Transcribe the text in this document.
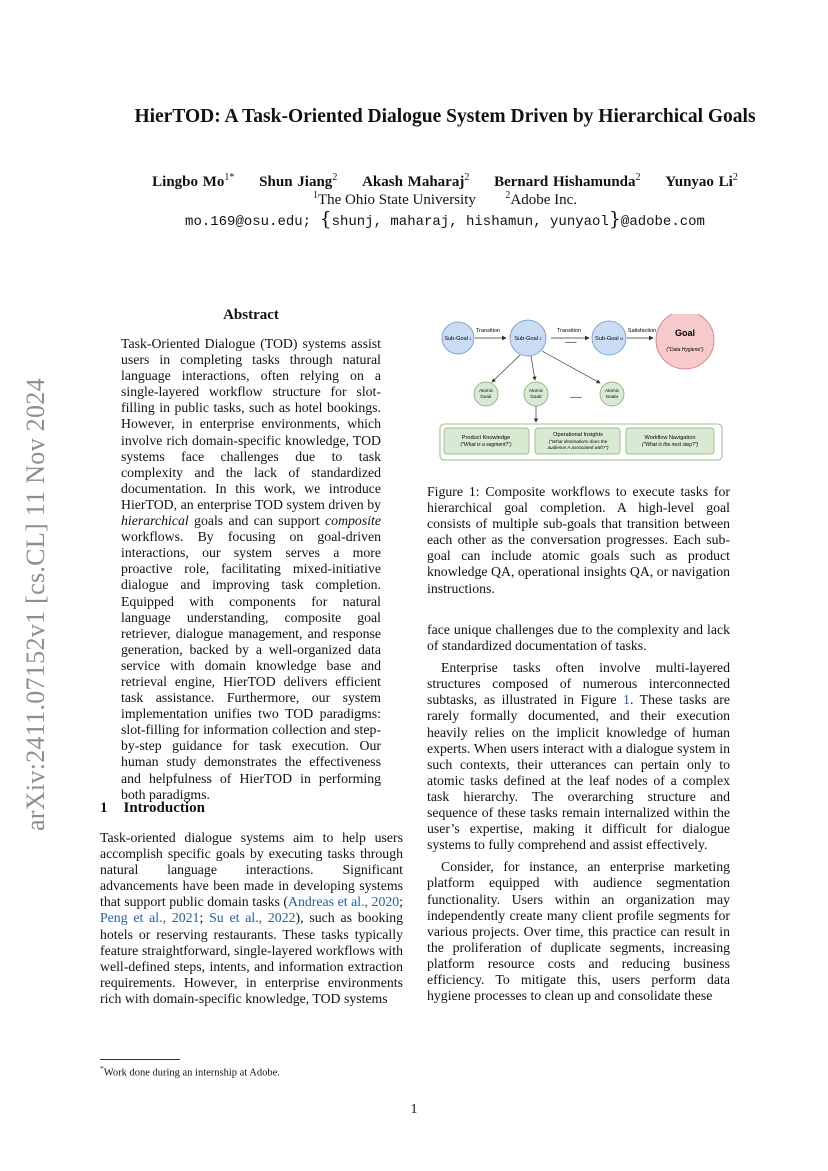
arXiv:2411.07152v1 [cs.CL] 11 Nov 2024
HierTOD: A Task-Oriented Dialogue System Driven by Hierarchical Goals
Lingbo $Mo^{1*}$ Shun Jiang$^2$ Akash Maharaj$^2$ Bernard Hishamunda$^2$ Yunyao Li$^2$
$^1$The Ohio State University	$^2$Adobe Inc.
mo.169@osu.edu; {shunj, maharaj, hishamun, yunyaol}@adobe.com
Abstract
Task-Oriented Dialogue (TOD) systems assist users in completing tasks through natural language interactions, often relying on a single-layered workflow structure for slot-filling in public tasks, such as hotel bookings. However, in enterprise environments, which involve rich domain-specific knowledge, TOD systems face challenges due to task complexity and the lack of standardized documentation. In this work, we introduce HierTOD, an enterprise TOD system driven by hierarchical goals and can support composite workflows. By focusing on goal-driven interactions, our system serves a more proactive role, facilitating mixed-initiative dialogue and improving task completion. Equipped with components for natural language understanding, composite goal retriever, dialogue management, and response generation, backed by a well-organized data service with domain knowledge base and retrieval engine, HierTOD delivers efficient task assistance. Furthermore, our system implementation unifies two TOD paradigms: slot-filling for information collection and step-by-step guidance for task execution. Our human study demonstrates the effectiveness and helpfulness of HierTOD in performing both paradigms.
1 Introduction
Task-oriented dialogue systems aim to help users accomplish specific goals by executing tasks through natural language interactions. Significant advancements have been made in developing systems that support public domain tasks (Andreas et al., 2020; Peng et al., 2021; Su et al., 2022), such as booking hotels or reserving restaurants. These tasks typically feature straightforward, single-layered workflows with well-defined steps, intents, and information extraction requirements. However, in enterprise environments rich with domain-specific knowledge, TOD systems
Transition	Transition	Satisfaction
......
Sub-Goal 1	Sub-Goal 2	Sub-Goal N
Goal
("Data Hygiene")
Atomic
Goal1
Atomic
Goal2	......
Atomic
GoalM
Product Knowledge
("What is a segment?")
Operational Insights
("What destinations does the
audience A associated with?")
Workflow Navigation
("What is the next step?")
Figure 1: Composite workflows to execute tasks for hierarchical goal completion. A high-level goal consists of multiple sub-goals that transition between each other as the conversation progresses. Each sub-goal can include atomic goals such as product knowledge QA, operational insights QA, or navigation instructions.

face unique challenges due to the complexity and lack of standardized documentation of tasks.

Enterprise tasks often involve multi-layered structures composed of numerous interconnected subtasks, as illustrated in Figure 1. These tasks are rarely formally documented, and their execution heavily relies on the implicit knowledge of human experts. When users interact with a dialogue system in such contexts, their utterances can pertain only to atomic tasks defined at the leaf nodes of a complex task hierarchy. The overarching structure and sequence of these tasks remain internalized within the user’s expertise, making it difficult for dialogue systems to fully comprehend and assist effectively.

Consider, for instance, an enterprise marketing platform equipped with audience segmentation functionality. Users within an organization may independently create many client profile segments for various projects. Over time, this practice can result in the proliferation of duplicate segments, increasing platform resource costs and reducing business efficiency. To mitigate this, users perform data hygiene processes to clean up and consolidate these

*Work done during an internship at Adobe.
1
